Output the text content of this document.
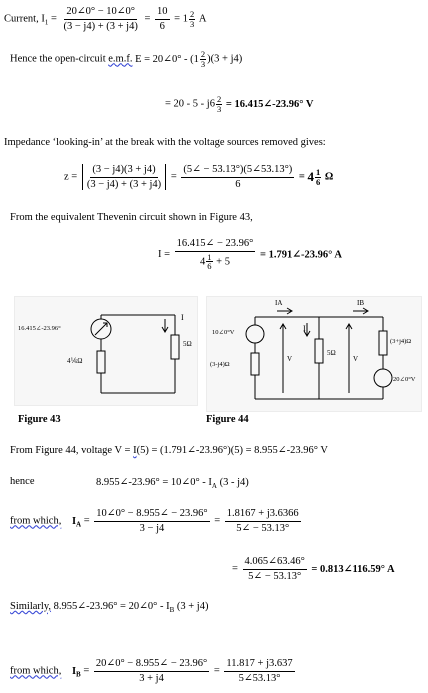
Current, $I_1 = \frac{20\angle 0^\circ - 10\angle 0^\circ}{(3 - j4) + (3 + j4)} = \frac{10}{6} = 1 \frac{2}{3}$ A
Hence the open-circuit e.m.f. E = 20∠0° - $(1 \frac{2}{3} )(3 + j4)$
= $20 - 5 - j6 \frac{2}{3}$ = 16.415∠-23.96° V
Impedance ‘looking-in’ at the break with the voltage sources removed gives:
$z = \frac{(3 - j4)(3 + j4)}{(3 - j4) + (3 + j4)} = \frac{(5\angle - 53.13^\circ)(5\angle 53.13^\circ)}{6} = 4 \frac{1}{6}$ Ω
From the equivalent Thevenin circuit shown in Figure 43,
$I = \frac{16.415\angle - 23.96^\circ}{4 \frac{1}{6} + 5}$ = 1.791∠-23.96° A
16.415∠-23.96°
I
5Ω
4⅙Ω
Figure 43
IA	IB
I
V	V
5Ω
10∠0°V
(3-j4)Ω
(3+j4)Ω
20∠0°V
Figure 44
From Figure 44, voltage V = I(5) = (1.791∠-23.96°)(5) = 8.955∠-23.96° V
hence	8.955∠-23.96° = 10∠0° - $I_A$ (3 - j4)
from which, $I_A = \frac{10\angle 0^\circ - 8.955\angle - 23.96^\circ}{3 - j4} = \frac{1.8167 + j3.6366}{5\angle - 53.13^\circ}$
= $\frac{4.065\angle 63.46^\circ}{5\angle - 53.13^\circ}$ = 0.813∠116.59° A
Similarly, 8.955∠-23.96° = 20∠0° - $I_B$ (3 + j4)
from which, $I_B = \frac{20\angle 0^\circ - 8.955\angle - 23.96^\circ}{3 + j4} = \frac{11.817 + j3.637}{5\angle 53.13^\circ}$
